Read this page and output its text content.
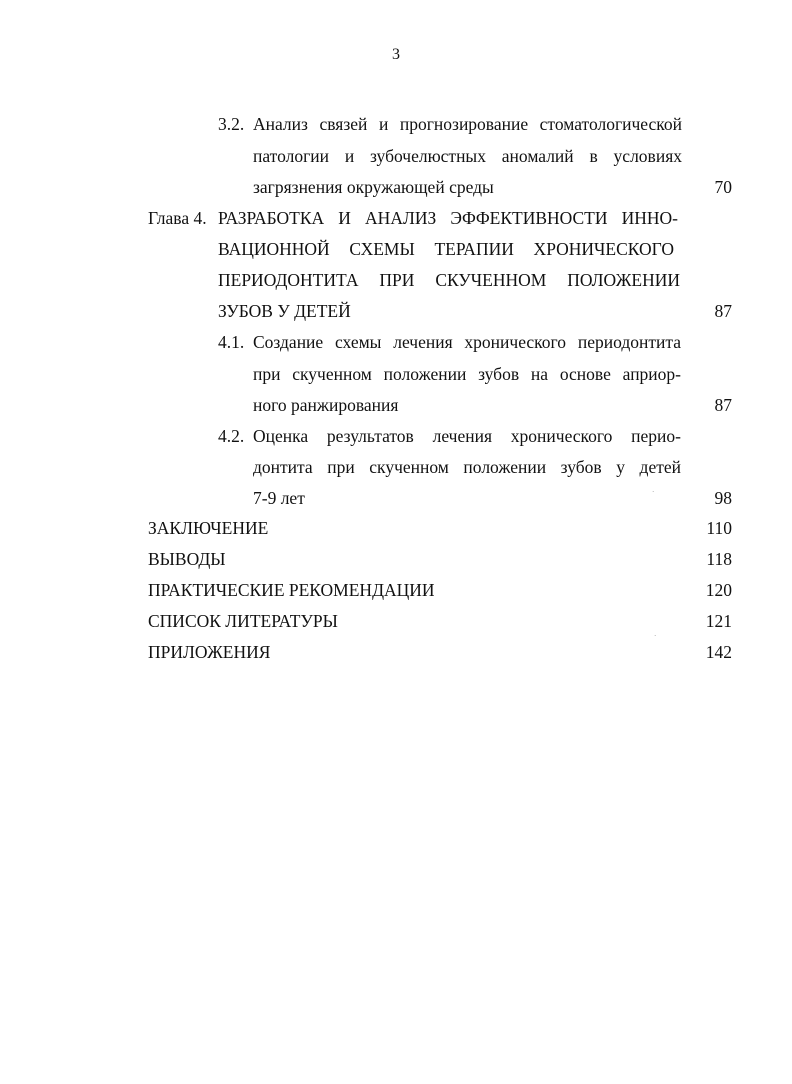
3
3.2. Анализ связей и прогнозирование стоматологической
патологии и зубочелюстных аномалий в условиях
загрязнения окружающей среды	70
Глава 4. РАЗРАБОТКА И АНАЛИЗ ЭФФЕКТИВНОСТИ ИННО-
ВАЦИОННОЙ СХЕМЫ ТЕРАПИИ ХРОНИЧЕСКОГО
ПЕРИОДОНТИТА ПРИ СКУЧЕННОМ ПОЛОЖЕНИИ
ЗУБОВ У ДЕТЕЙ	87
4.1. Создание схемы лечения хронического периодонтита
при скученном положении зубов на основе априор-
ного ранжирования	87
4.2. Оценка результатов лечения хронического перио-
донтита при скученном положении зубов у детей
7-9 лет	98
ЗАКЛЮЧЕНИЕ	110
ВЫВОДЫ	118
ПРАКТИЧЕСКИЕ РЕКОМЕНДАЦИИ	120
СПИСОК ЛИТЕРАТУРЫ	121
ПРИЛОЖЕНИЯ	142
·
·
